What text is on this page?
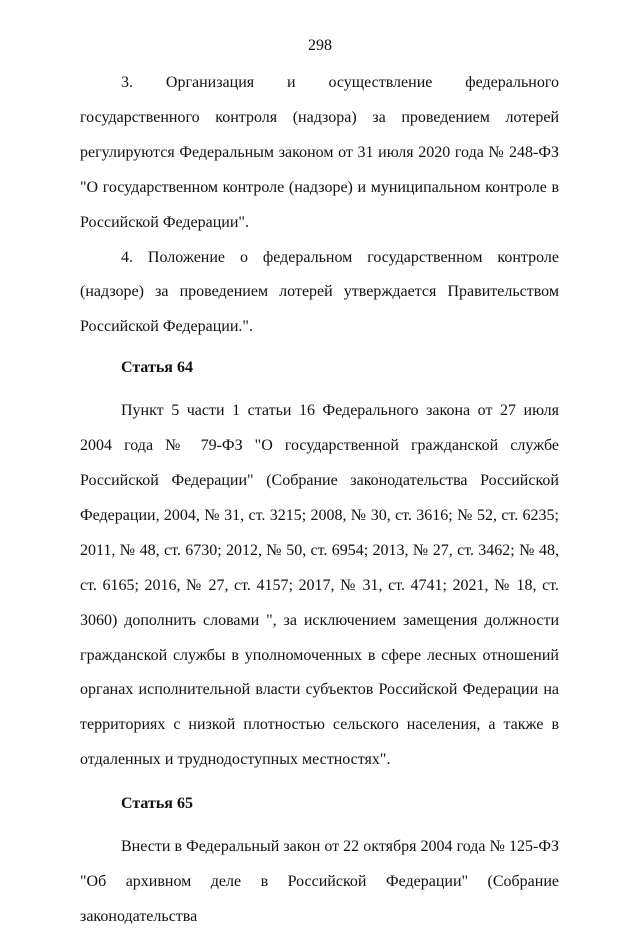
298

3. Организация и осуществление федерального государственного контроля (надзора) за проведением лотерей регулируются Федеральным законом от 31 июля 2020 года № 248-ФЗ "О государственном контроле (надзоре) и муниципальном контроле в Российской Федерации".

4. Положение о федеральном государственном контроле (надзоре) за проведением лотерей утверждается Правительством Российской Федерации.".

Статья 64

Пункт 5 части 1 статьи 16 Федерального закона от 27 июля 2004 года № 79-ФЗ "О государственной гражданской службе Российской Федерации" (Собрание законодательства Российской Федерации, 2004, № 31, ст. 3215; 2008, № 30, ст. 3616; № 52, ст. 6235; 2011, № 48, ст. 6730; 2012, № 50, ст. 6954; 2013, № 27, ст. 3462; № 48, ст. 6165; 2016, № 27, ст. 4157; 2017, № 31, ст. 4741; 2021, № 18, ст. 3060) дополнить словами ", за исключением замещения должности гражданской службы в уполномоченных в сфере лесных отношений органах исполнительной власти субъектов Российской Федерации на территориях с низкой плотностью сельского населения, а также в отдаленных и труднодоступных местностях".

Статья 65

Внести в Федеральный закон от 22 октября 2004 года № 125-ФЗ "Об архивном деле в Российской Федерации" (Собрание законодательства
